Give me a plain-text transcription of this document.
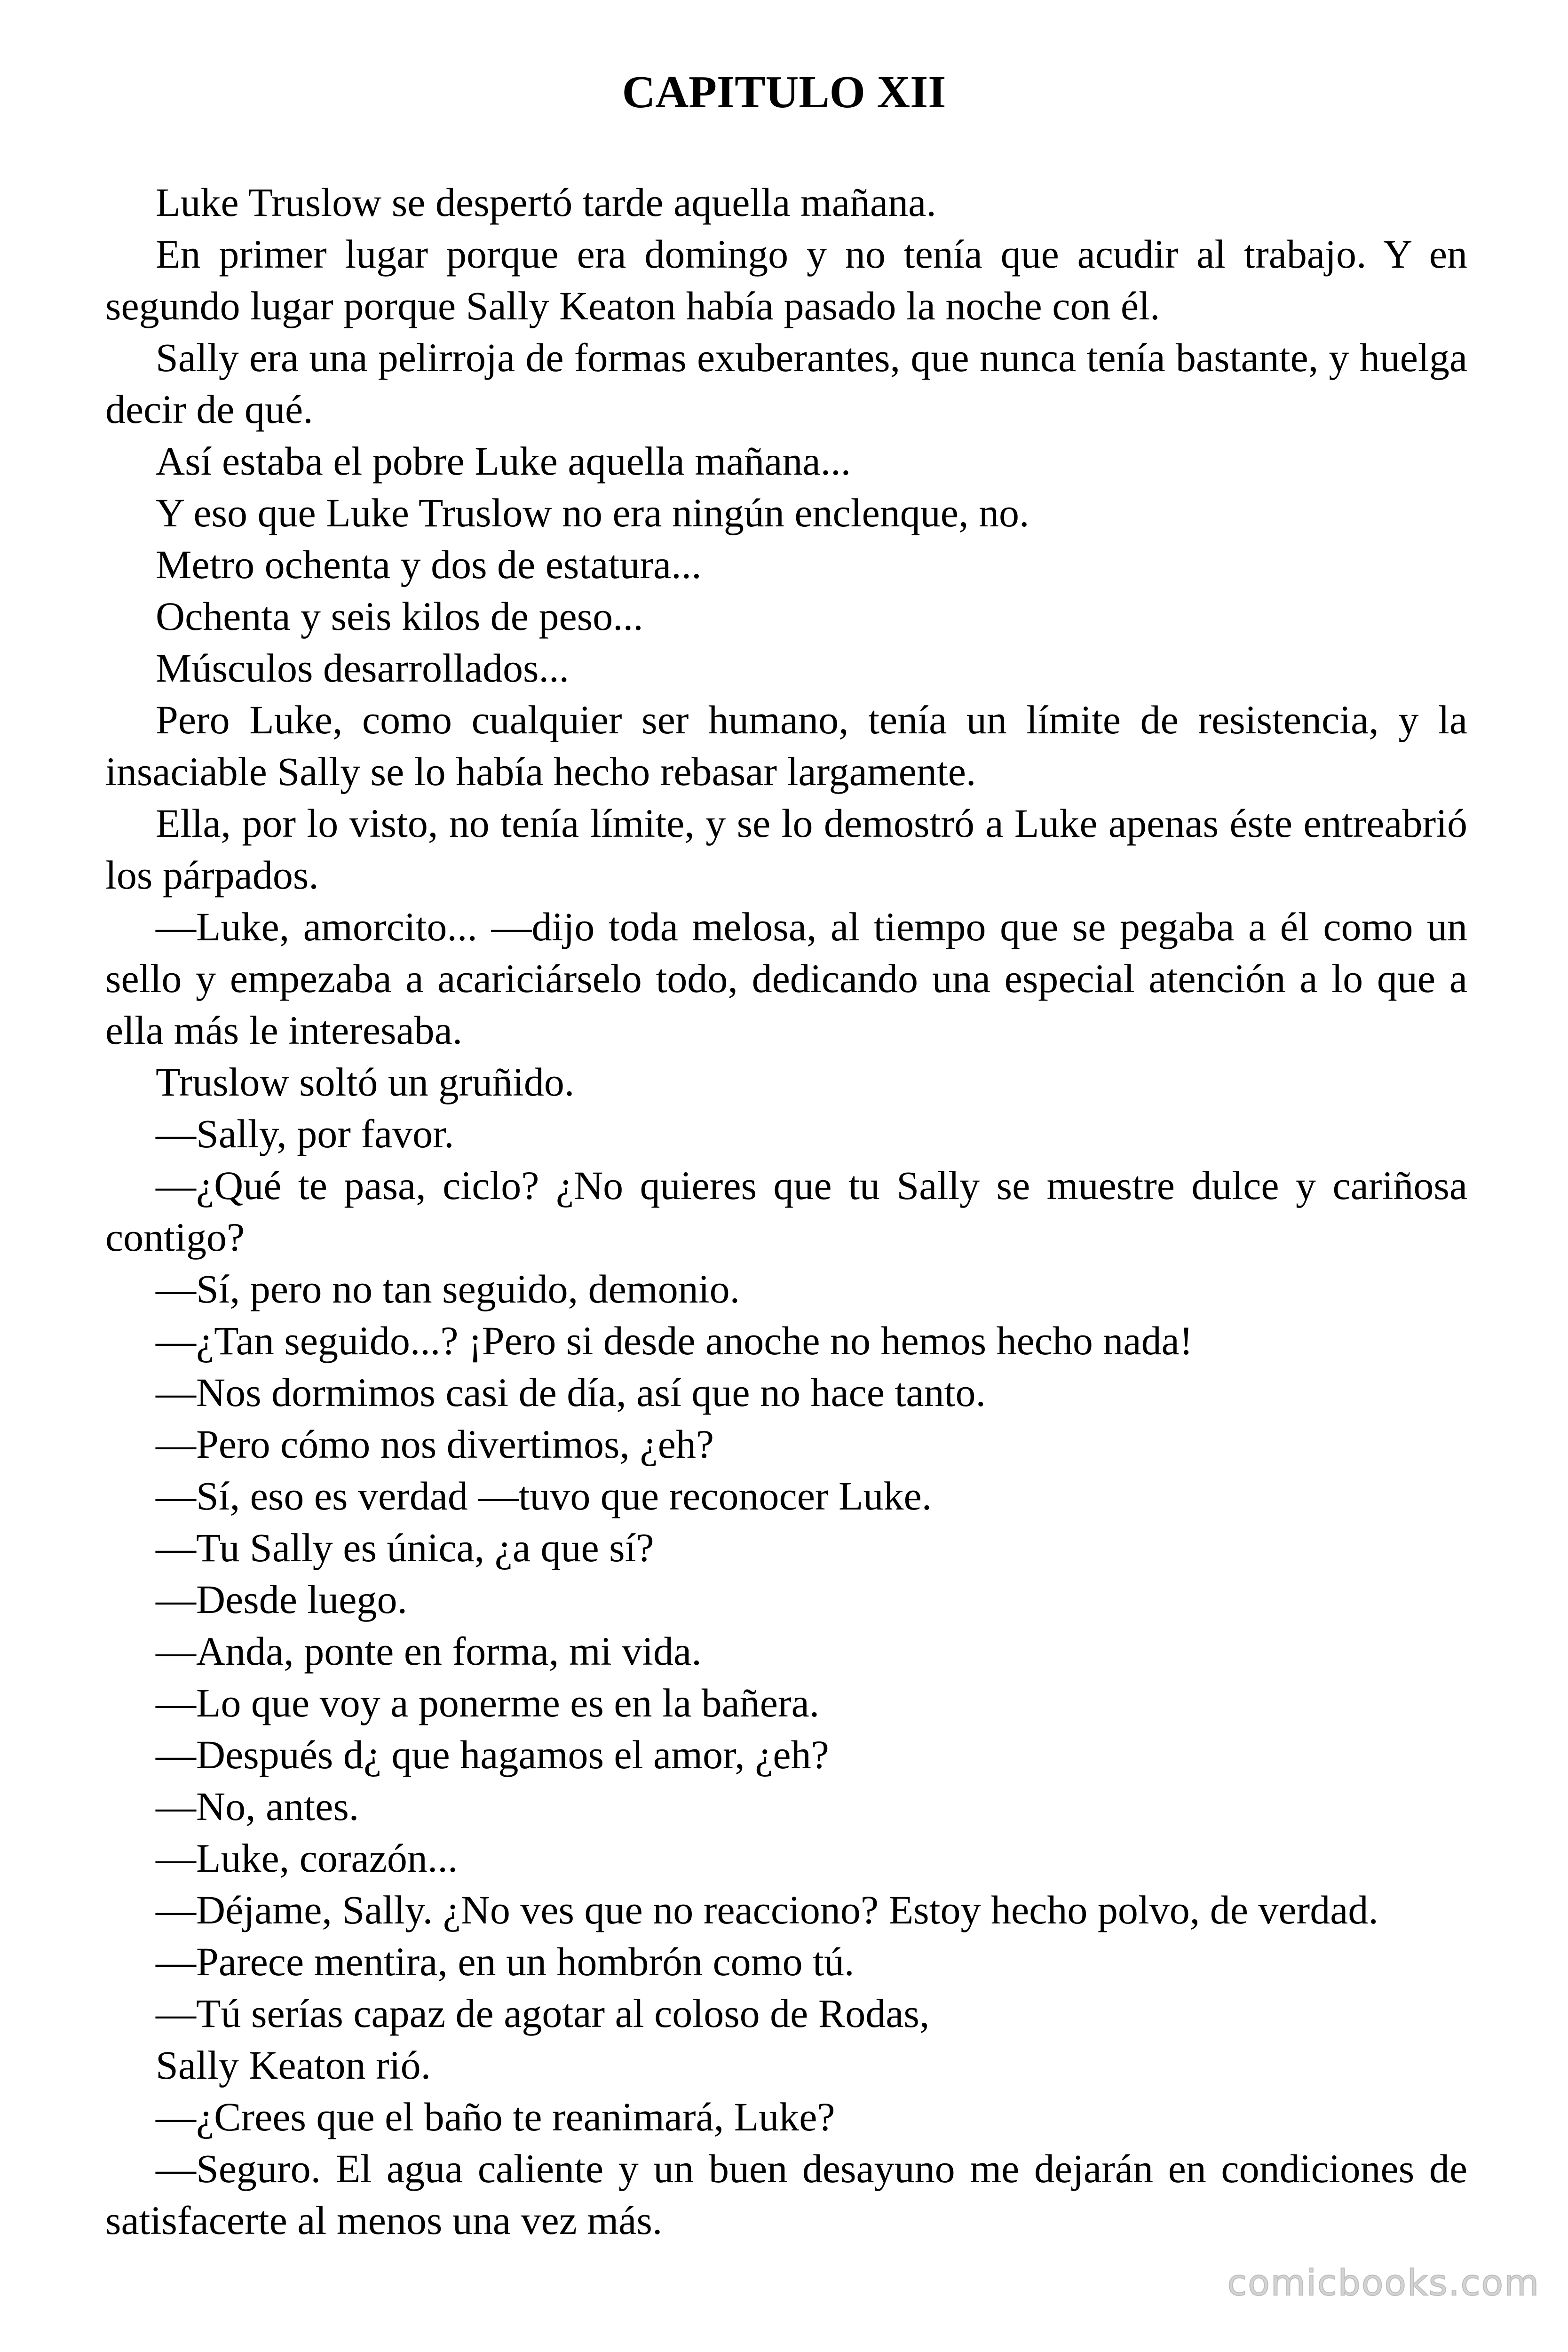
CAPITULO XII

Luke Truslow se despertó tarde aquella mañana.

En primer lugar porque era domingo y no tenía que acudir al trabajo. Y en segundo lugar porque Sally Keaton había pasado la noche con él.

Sally era una pelirroja de formas exuberantes, que nunca tenía bastante, y huelga decir de qué.

Así estaba el pobre Luke aquella mañana...

Y eso que Luke Truslow no era ningún enclenque, no.

Metro ochenta y dos de estatura...

Ochenta y seis kilos de peso...

Músculos desarrollados...

Pero Luke, como cualquier ser humano, tenía un límite de resistencia, y la insaciable Sally se lo había hecho rebasar largamente.

Ella, por lo visto, no tenía límite, y se lo demostró a Luke apenas éste entreabrió los párpados.

—Luke, amorcito... —dijo toda melosa, al tiempo que se pegaba a él como un sello y empezaba a acariciárselo todo, dedicando una especial atención a lo que a ella más le interesaba.

Truslow soltó un gruñido.

—Sally, por favor.

—¿Qué te pasa, ciclo? ¿No quieres que tu Sally se muestre dulce y cariñosa contigo?

—Sí, pero no tan seguido, demonio.

—¿Tan seguido...? ¡Pero si desde anoche no hemos hecho nada!

—Nos dormimos casi de día, así que no hace tanto.

—Pero cómo nos divertimos, ¿eh?

—Sí, eso es verdad —tuvo que reconocer Luke.

—Tu Sally es única, ¿a que sí?

—Desde luego.

—Anda, ponte en forma, mi vida.

—Lo que voy a ponerme es en la bañera.

—Después d¿ que hagamos el amor, ¿eh?

—No, antes.

—Luke, corazón...

—Déjame, Sally. ¿No ves que no reacciono? Estoy hecho polvo, de verdad.

—Parece mentira, en un hombrón como tú.

—Tú serías capaz de agotar al coloso de Rodas,

Sally Keaton rió.

—¿Crees que el baño te reanimará, Luke?

—Seguro. El agua caliente y un buen desayuno me dejarán en condiciones de satisfacerte al menos una vez más.

comicbooks.com
